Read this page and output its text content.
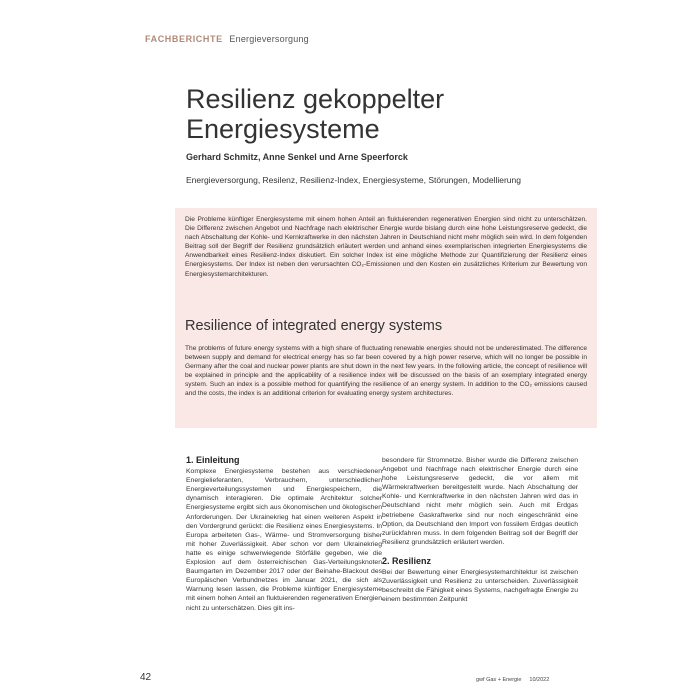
FACHBERICHTE Energieversorgung
Resilienz gekoppelter Energiesysteme
Gerhard Schmitz, Anne Senkel und Arne Speerforck
Energieversorgung, Resilenz, Resilienz-Index, Energiesysteme, Störungen, Modellierung

Die Probleme künftiger Energiesysteme mit einem hohen Anteil an fluktuierenden regenerativen Energien sind nicht zu unterschätzen. Die Differenz zwischen Angebot und Nachfrage nach elektrischer Energie wurde bislang durch eine hohe Leistungsreserve gedeckt, die nach Abschaltung der Kohle- und Kernkraftwerke in den nächsten Jahren in Deutschland nicht mehr möglich sein wird. In dem folgenden Beitrag soll der Begriff der Resilienz grundsätzlich erläutert werden und anhand eines exemplarischen integrierten Energiesystems die Anwendbarkeit eines Resilienz-Index diskutiert. Ein solcher Index ist eine mögliche Methode zur Quantifizierung der Resilienz eines Energiesystems. Der Index ist neben den verursachten CO₂-Emissionen und den Kosten ein zusätzliches Kriterium zur Bewertung von Energiesystemarchitekturen.

Resilience of integrated energy systems

The problems of future energy systems with a high share of fluctuating renewable energies should not be underestimated. The difference between supply and demand for electrical energy has so far been covered by a high power reserve, which will no longer be possible in Germany after the coal and nuclear power plants are shut down in the next few years. In the following article, the concept of resilience will be explained in principle and the applicability of a resilience index will be discussed on the basis of an exemplary integrated energy system. Such an index is a possible method for quantifying the resilience of an energy system. In addition to the CO₂ emissions caused and the costs, the index is an additional criterion for evaluating energy system architectures.

1. Einleitung

Komplexe Energiesysteme bestehen aus verschiedenen Energielieferanten, Verbrauchern, unterschiedlichen Energieverteilungssystemen und Energiespeichern, die dynamisch interagieren. Die optimale Architektur solcher Energiesysteme ergibt sich aus ökonomischen und ökologischen Anforderungen. Der Ukrainekrieg hat einen weiteren Aspekt in den Vordergrund gerückt: die Resilienz eines Energiesystems. In Europa arbeiteten Gas-, Wärme- und Stromversorgung bisher mit hoher Zuverlässigkeit. Aber schon vor dem Ukrainekrieg hatte es einige schwerwiegende Störfälle gegeben, wie die Explosion auf dem österreichischen Gas-Verteilungsknoten Baumgarten im Dezember 2017 oder der Beinahe-Blackout des Europäischen Verbundnetzes im Januar 2021, die sich als Warnung lesen lassen, die Probleme künftiger Energiesysteme mit einem hohen Anteil an fluktuierenden regenerativen Energien nicht zu unterschätzen. Dies gilt ins-

besondere für Stromnetze. Bisher wurde die Differenz zwischen Angebot und Nachfrage nach elektrischer Energie durch eine hohe Leistungsreserve gedeckt, die vor allem mit Wärmekraftwerken bereitgestellt wurde. Nach Abschaltung der Kohle- und Kernkraftwerke in den nächsten Jahren wird das in Deutschland nicht mehr möglich sein. Auch mit Erdgas betriebene Gaskraftwerke sind nur noch eingeschränkt eine Option, da Deutschland den Import von fossilem Erdgas deutlich zurückfahren muss. In dem folgenden Beitrag soll der Begriff der Resilienz grundsätzlich erläutert werden.

2. Resilienz

Bei der Bewertung einer Energiesystemarchitektur ist zwischen Zuverlässigkeit und Resilienz zu unterscheiden. Zuverlässigkeit beschreibt die Fähigkeit eines Systems, nachgefragte Energie zu einem bestimmten Zeitpunkt

42	gwf Gas + Energie 10/2022
